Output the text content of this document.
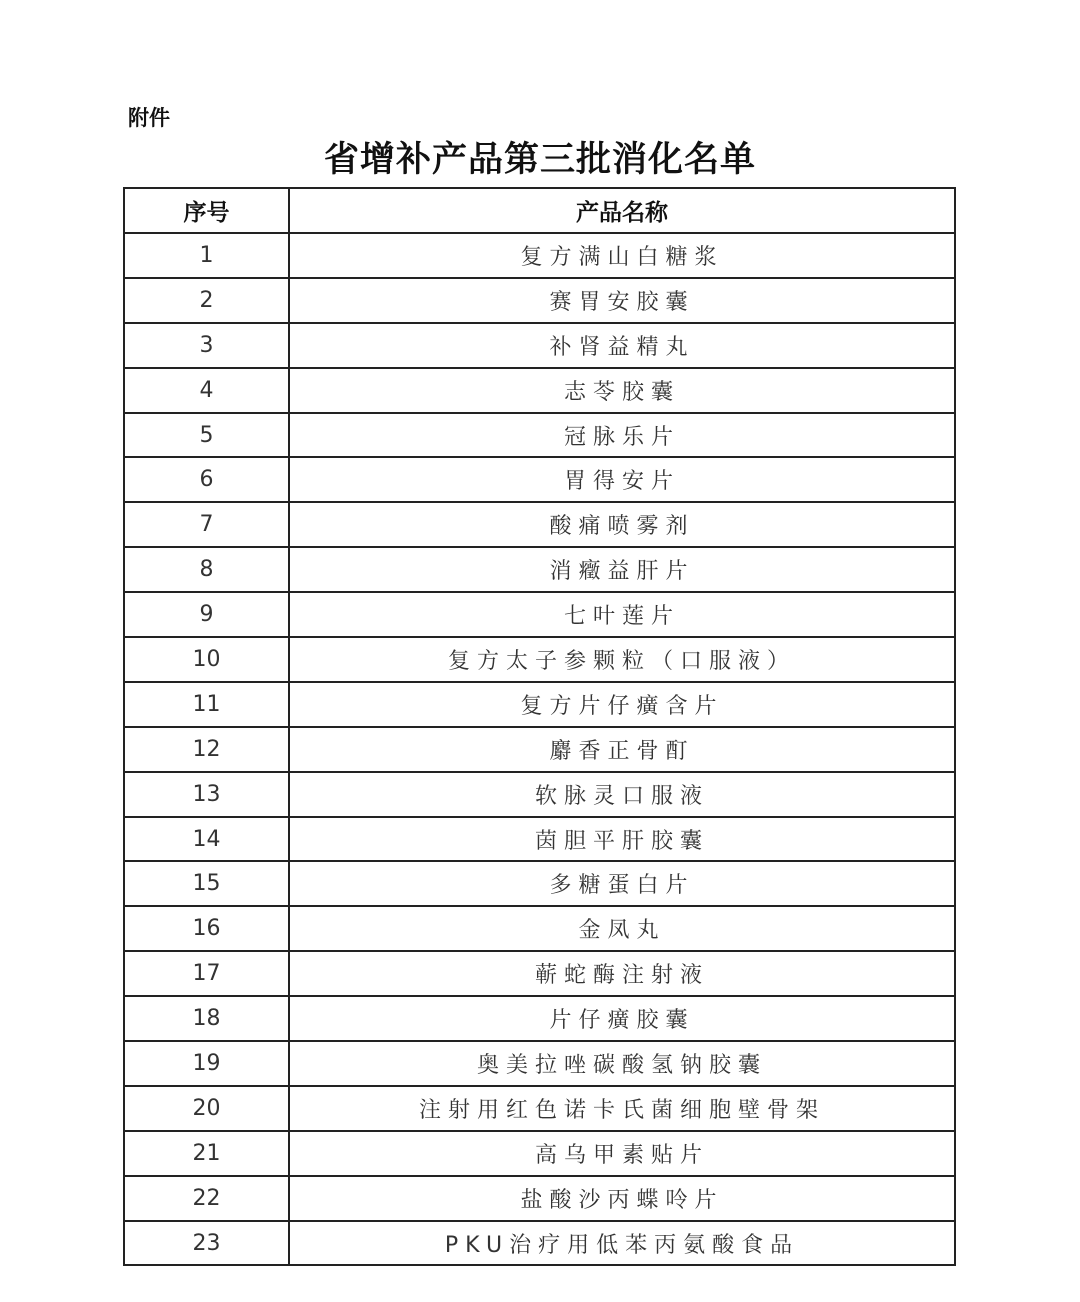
附件
省增补产品第三批消化名单
序号	产品名称
1	复方满山白糖浆
2	赛胃安胶囊
3	补肾益精丸
4	志苓胶囊
5	冠脉乐片
6	胃得安片
7	酸痛喷雾剂
8	消癥益肝片
9	七叶莲片
10	复方太子参颗粒（口服液）
11	复方片仔癀含片
12	麝香正骨酊
13	软脉灵口服液
14	茵胆平肝胶囊
15	多糖蛋白片
16	金凤丸
17	蕲蛇酶注射液
18	片仔癀胶囊
19	奥美拉唑碳酸氢钠胶囊
20	注射用红色诺卡氏菌细胞壁骨架
21	高乌甲素贴片
22	盐酸沙丙蝶呤片
23	PKU治疗用低苯丙氨酸食品
